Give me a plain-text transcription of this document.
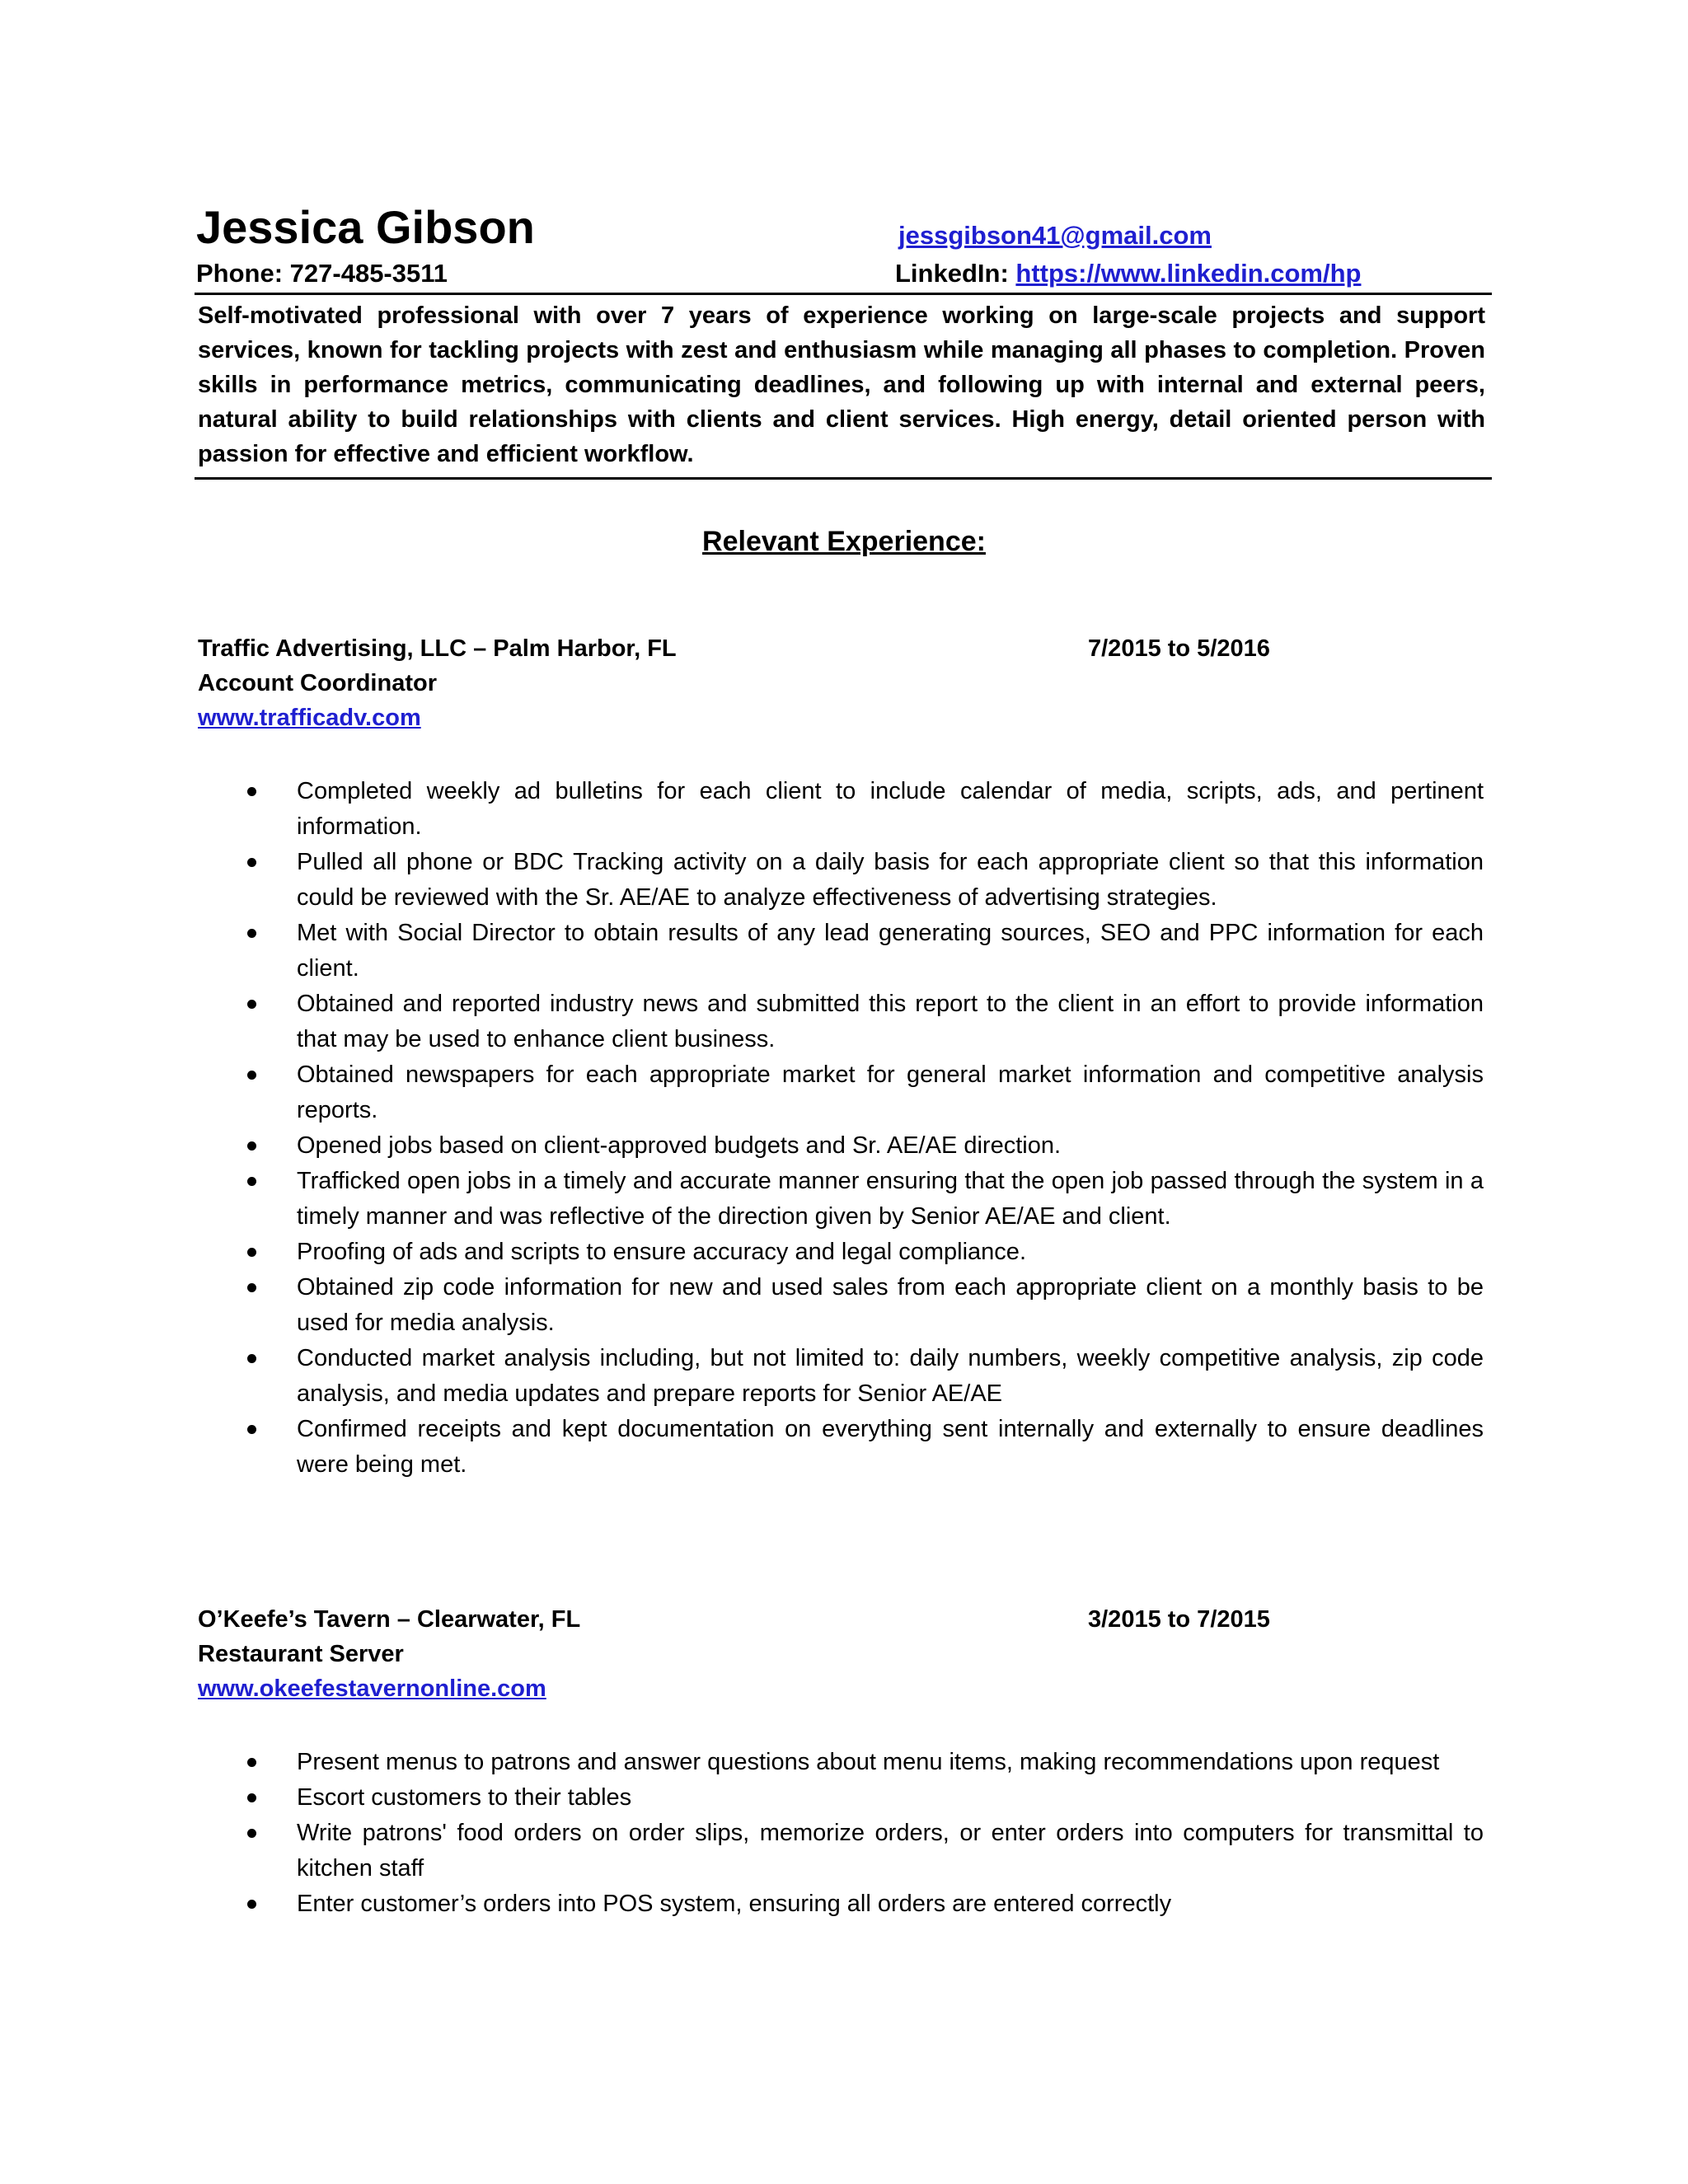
Jessica Gibson	jessgibson41@gmail.com
Phone: 727-485-3511	LinkedIn: https://www.linkedin.com/hp
Self-motivated professional with over 7 years of experience working on large-scale projects and support services, known for tackling projects with zest and enthusiasm while managing all phases to completion. Proven skills in performance metrics, communicating deadlines, and following up with internal and external peers, natural ability to build relationships with clients and client services. High energy, detail oriented person with passion for effective and efficient workflow.
Relevant Experience:
Traffic Advertising, LLC – Palm Harbor, FL	7/2015 to 5/2016
Account Coordinator
www.trafficadv.com
Completed weekly ad bulletins for each client to include calendar of media, scripts, ads, and pertinent information.
Pulled all phone or BDC Tracking activity on a daily basis for each appropriate client so that this information could be reviewed with the Sr. AE/AE to analyze effectiveness of advertising strategies.
Met with Social Director to obtain results of any lead generating sources, SEO and PPC information for each client.
Obtained and reported industry news and submitted this report to the client in an effort to provide information that may be used to enhance client business.
Obtained newspapers for each appropriate market for general market information and competitive analysis reports.
Opened jobs based on client-approved budgets and Sr. AE/AE direction.
Trafficked open jobs in a timely and accurate manner ensuring that the open job passed through the system in a timely manner and was reflective of the direction given by Senior AE/AE and client.
Proofing of ads and scripts to ensure accuracy and legal compliance.
Obtained zip code information for new and used sales from each appropriate client on a monthly basis to be used for media analysis.
Conducted market analysis including, but not limited to: daily numbers, weekly competitive analysis, zip code analysis, and media updates and prepare reports for Senior AE/AE
Confirmed receipts and kept documentation on everything sent internally and externally to ensure deadlines were being met.
O’Keefe’s Tavern – Clearwater, FL	3/2015 to 7/2015
Restaurant Server
www.okeefestavernonline.com
Present menus to patrons and answer questions about menu items, making recommendations upon request
Escort customers to their tables
Write patrons' food orders on order slips, memorize orders, or enter orders into computers for transmittal to kitchen staff
Enter customer’s orders into POS system, ensuring all orders are entered correctly
